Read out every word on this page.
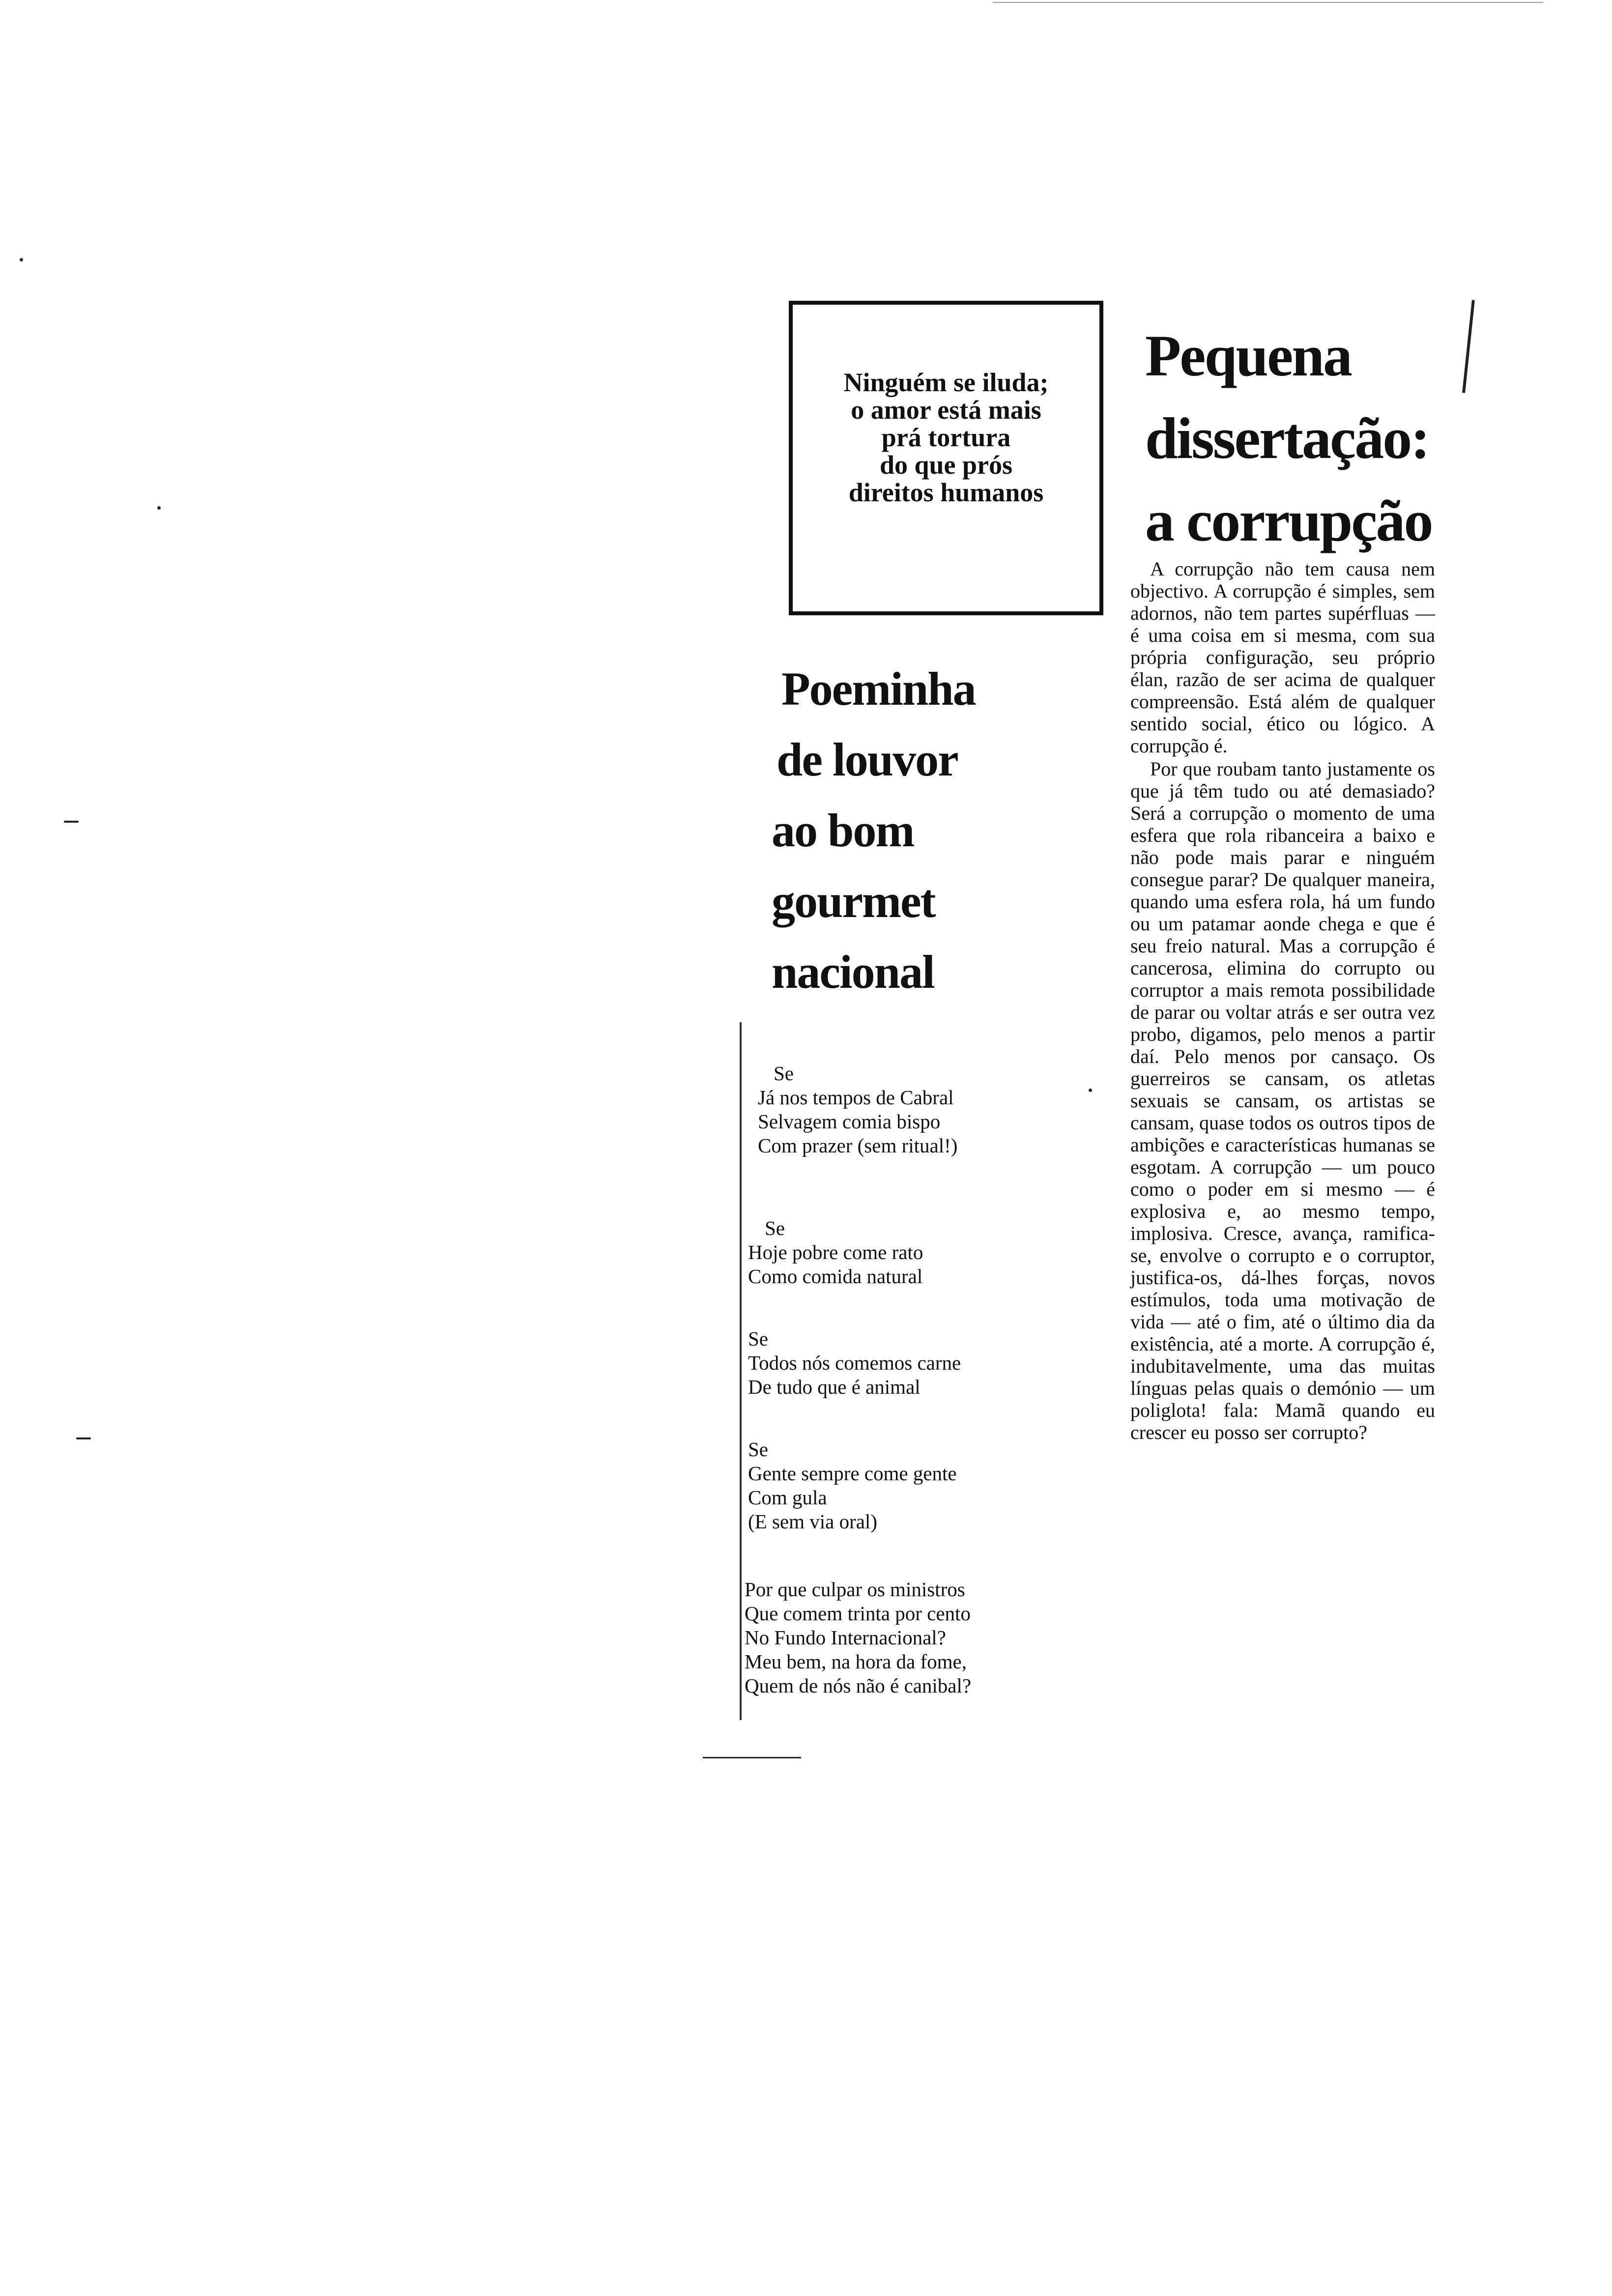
Ninguém se iluda;
o amor está mais
prá tortura
do que prós
direitos humanos
Poeminha
de louvor
ao bom
gourmet
nacional
Se
Já nos tempos de Cabral
Selvagem comia bispo
Com prazer (sem ritual!)
Se
Hoje pobre come rato
Como comida natural
Se
Todos nós comemos carne
De tudo que é animal
Se
Gente sempre come gente
Com gula
(E sem via oral)
Por que culpar os ministros
Que comem trinta por cento
No Fundo Internacional?
Meu bem, na hora da fome,
Quem de nós não é canibal?
Pequena
dissertação:
a corrupção

A corrupção não tem causa nem objectivo. A corrupção é simples, sem adornos, não tem partes supérfluas — é uma coisa em si mesma, com sua própria configuração, seu próprio élan, razão de ser acima de qualquer compreensão. Está além de qualquer sentido social, ético ou lógico. A corrupção é.

Por que roubam tanto justamente os que já têm tudo ou até demasiado? Será a corrupção o momento de uma esfera que rola ribanceira a baixo e não pode mais parar e ninguém consegue parar? De qualquer maneira, quando uma esfera rola, há um fundo ou um patamar aonde chega e que é seu freio natural. Mas a corrupção é cancerosa, elimina do corrupto ou corruptor a mais remota possibilidade de parar ou voltar atrás e ser outra vez probo, digamos, pelo menos a partir daí. Pelo menos por cansaço. Os guerreiros se cansam, os atletas sexuais se cansam, os artistas se cansam, quase todos os outros tipos de ambições e características humanas se esgotam. A corrupção — um pouco como o poder em si mesmo — é explosiva e, ao mesmo tempo, implosiva. Cresce, avança, ramifica-se, envolve o corrupto e o corruptor, justifica-os, dá-lhes forças, novos estímulos, toda uma motivação de vida — até o fim, até o último dia da existência, até a morte. A corrupção é, indubitavelmente, uma das muitas línguas pelas quais o demónio — um poliglota! fala: Mamã quando eu crescer eu posso ser corrupto?
